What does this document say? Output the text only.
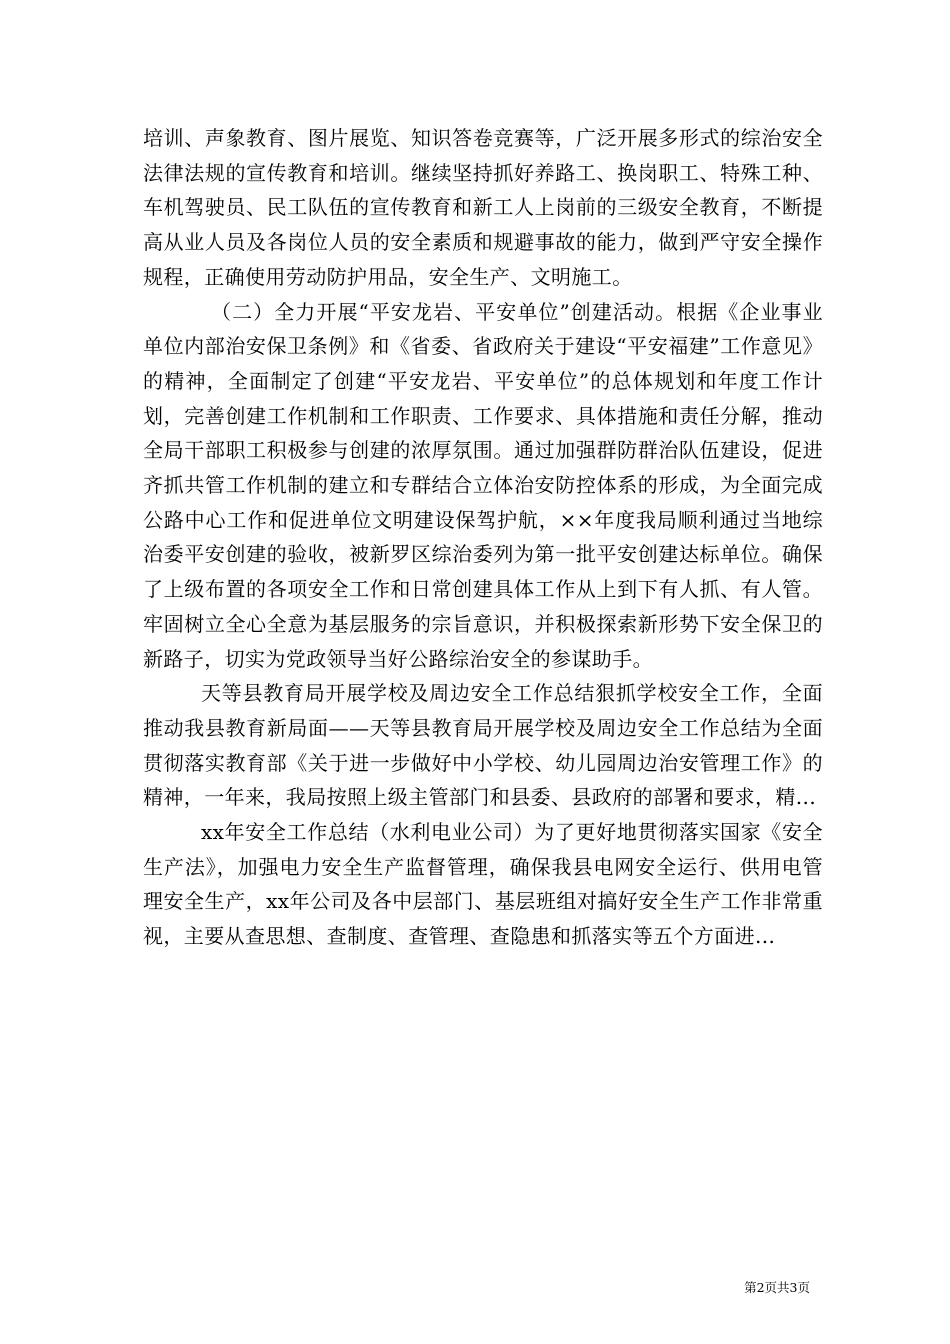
培训、声象教育、图片展览、知识答卷竞赛等，广泛开展多形式的综治安全法律法规的宣传教育和培训。继续坚持抓好养路工、换岗职工、特殊工种、车机驾驶员、民工队伍的宣传教育和新工人上岗前的三级安全教育，不断提高从业人员及各岗位人员的安全素质和规避事故的能力，做到严守安全操作规程，正确使用劳动防护用品，安全生产、文明施工。

（二）全力开展“平安龙岩、平安单位”创建活动。根据《企业事业单位内部治安保卫条例》和《省委、省政府关于建设“平安福建”工作意见》的精神，全面制定了创建“平安龙岩、平安单位”的总体规划和年度工作计划，完善创建工作机制和工作职责、工作要求、具体措施和责任分解，推动全局干部职工积极参与创建的浓厚氛围。通过加强群防群治队伍建设，促进齐抓共管工作机制的建立和专群结合立体治安防控体系的形成，为全面完成公路中心工作和促进单位文明建设保驾护航，××年度我局顺利通过当地综治委平安创建的验收，被新罗区综治委列为第一批平安创建达标单位。确保了上级布置的各项安全工作和日常创建具体工作从上到下有人抓、有人管。牢固树立全心全意为基层服务的宗旨意识，并积极探索新形势下安全保卫的新路子，切实为党政领导当好公路综治安全的参谋助手。

天等县教育局开展学校及周边安全工作总结狠抓学校安全工作，全面推动我县教育新局面——天等县教育局开展学校及周边安全工作总结为全面贯彻落实教育部《关于进一步做好中小学校、幼儿园周边治安管理工作》的精神，一年来，我局按照上级主管部门和县委、县政府的部署和要求，精...

xx年安全工作总结（水利电业公司）为了更好地贯彻落实国家《安全生产法》，加强电力安全生产监督管理，确保我县电网安全运行、供用电管理安全生产，xx年公司及各中层部门、基层班组对搞好安全生产工作非常重视，主要从查思想、查制度、查管理、查隐患和抓落实等五个方面进...

第2页共3页
